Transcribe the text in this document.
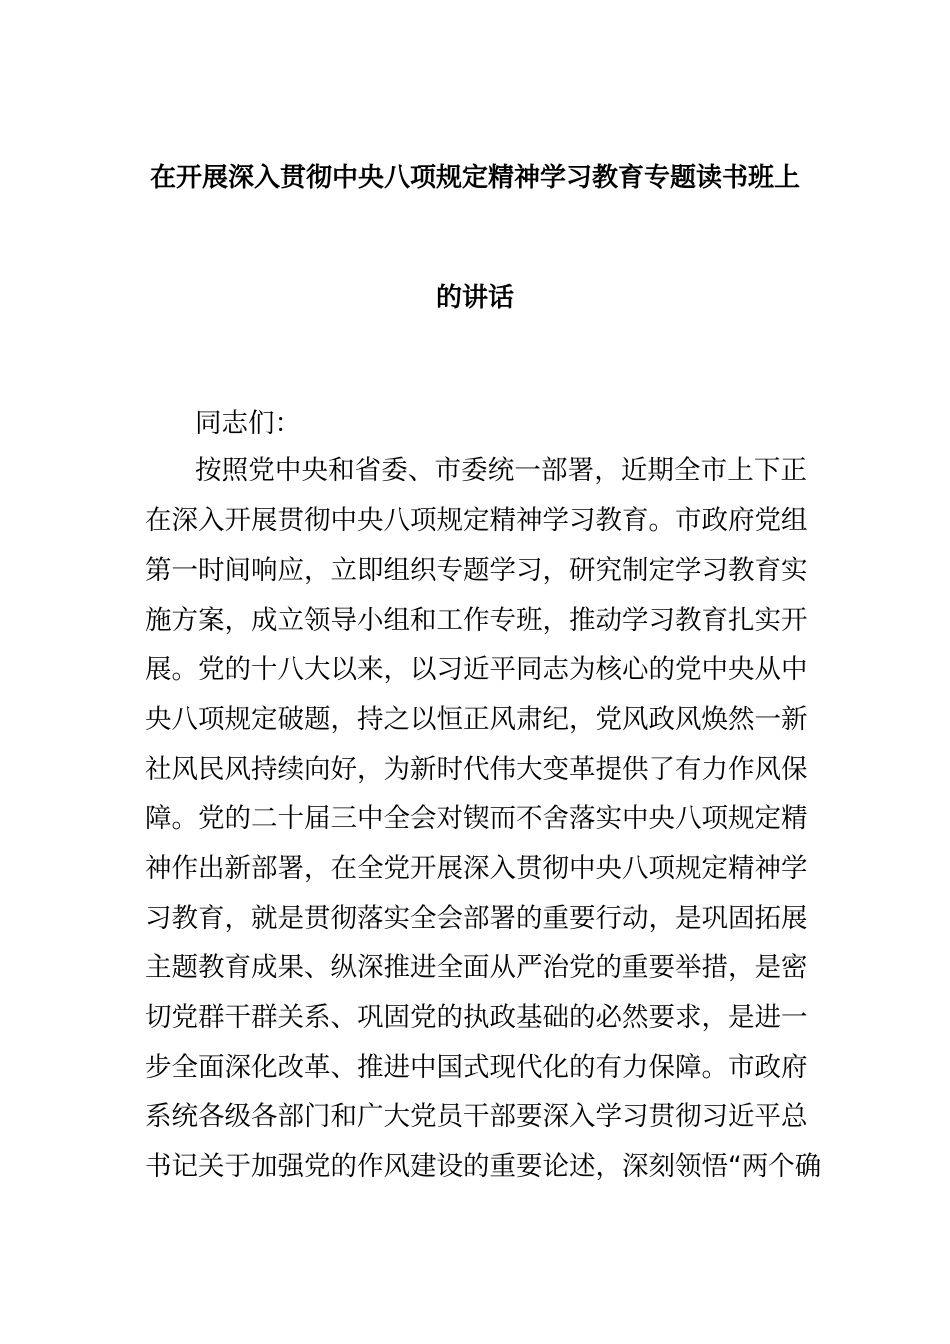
在开展深入贯彻中央八项规定精神学习教育专题读书班上
的讲话
同志们：
按照党中央和省委、市委统一部署，近期全市上下正
在深入开展贯彻中央八项规定精神学习教育。市政府党组
第一时间响应，立即组织专题学习，研究制定学习教育实
施方案，成立领导小组和工作专班，推动学习教育扎实开
展。党的十八大以来，以习近平同志为核心的党中央从中
央八项规定破题，持之以恒正风肃纪，党风政风焕然一新
社风民风持续向好，为新时代伟大变革提供了有力作风保
障。党的二十届三中全会对锲而不舍落实中央八项规定精
神作出新部署，在全党开展深入贯彻中央八项规定精神学
习教育，就是贯彻落实全会部署的重要行动，是巩固拓展
主题教育成果、纵深推进全面从严治党的重要举措，是密
切党群干群关系、巩固党的执政基础的必然要求，是进一
步全面深化改革、推进中国式现代化的有力保障。市政府
系统各级各部门和广大党员干部要深入学习贯彻习近平总
书记关于加强党的作风建设的重要论述，深刻领悟“两个确
